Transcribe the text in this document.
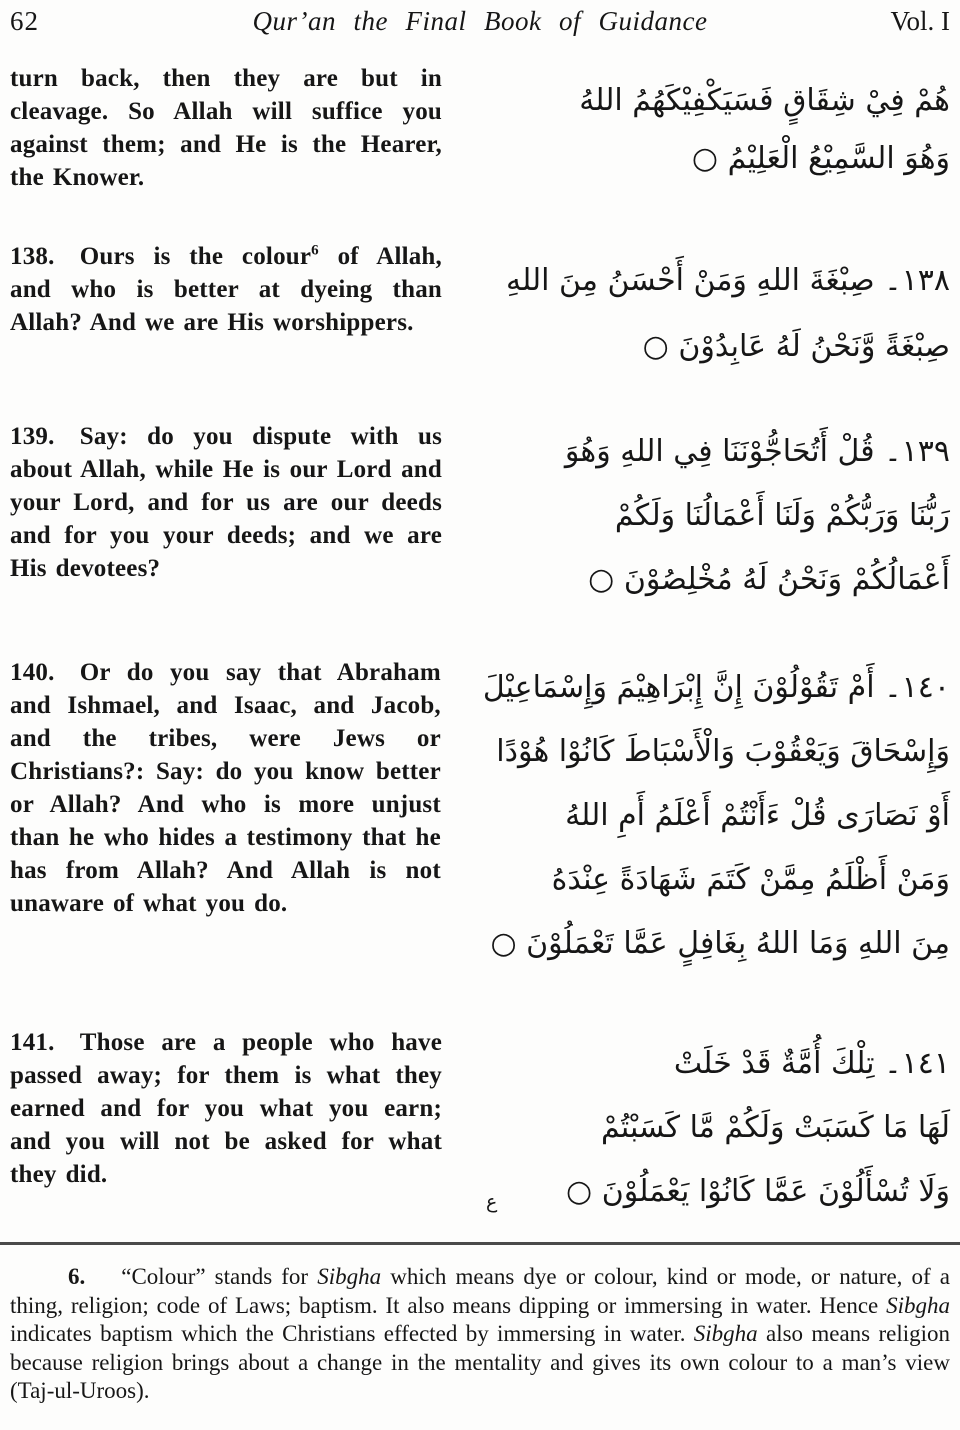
62	Qur’an the Final Book of Guidance	Vol. I

turn back, then they are but in cleavage. So Allah will suffice you against them; and He is the Hearer, the Knower.

هُمْ فِيْ شِقَاقٍ فَسَيَكْفِيْكَهُمُ اللهُ
وَهُوَ السَّمِيْعُ الْعَلِيْمُ ○

138. Ours is the colour$^6$ of Allah, and who is better at dyeing than Allah? And we are His worshippers.

١٣٨۔ صِبْغَةَ اللهِ وَمَنْ أَحْسَنُ مِنَ اللهِ
صِبْغَةً وَّنَحْنُ لَهُ عَابِدُوْنَ ○

139. Say: do you dispute with us about Allah, while He is our Lord and your Lord, and for us are our deeds and for you your deeds; and we are His devotees?

١٣٩۔ قُلْ أَتُحَاجُّوْنَنَا فِي اللهِ وَهُوَ
رَبُّنَا وَرَبُّكُمْ وَلَنَا أَعْمَالُنَا وَلَكُمْ
أَعْمَالُكُمْ وَنَحْنُ لَهُ مُخْلِصُوْنَ ○

140. Or do you say that Abraham and Ishmael, and Isaac, and Jacob, and the tribes, were Jews or Christians?: Say: do you know better or Allah? And who is more unjust than he who hides a testimony that he has from Allah? And Allah is not unaware of what you do.

١٤٠۔ أَمْ تَقُوْلُوْنَ إِنَّ إِبْرَاهِيْمَ وَإِسْمَاعِيْلَ
وَإِسْحَاقَ وَيَعْقُوْبَ وَالْأَسْبَاطَ كَانُوْا هُوْدًا
أَوْ نَصَارَى قُلْ ءَأَنْتُمْ أَعْلَمُ أَمِ اللهُ
وَمَنْ أَظْلَمُ مِمَّنْ كَتَمَ شَهَادَةً عِنْدَهُ
مِنَ اللهِ وَمَا اللهُ بِغَافِلٍ عَمَّا تَعْمَلُوْنَ ○

141. Those are a people who have passed away; for them is what they earned and for you what you earn; and you will not be asked for what they did.

١٤١۔ تِلْكَ أُمَّةٌ قَدْ خَلَتْ
لَهَا مَا كَسَبَتْ وَلَكُمْ مَّا كَسَبْتُمْ
وَلَا تُسْأَلُوْنَ عَمَّا كَانُوْا يَعْمَلُوْنَ ○
ع

6. “Colour” stands for Sibgha which means dye or colour, kind or mode, or nature, of a thing, religion; code of Laws; baptism. It also means dipping or immersing in water. Hence Sibgha indicates baptism which the Christians effected by immersing in water. Sibgha also means religion because religion brings about a change in the mentality and gives its own colour to a man’s view (Taj-ul-Uroos).
